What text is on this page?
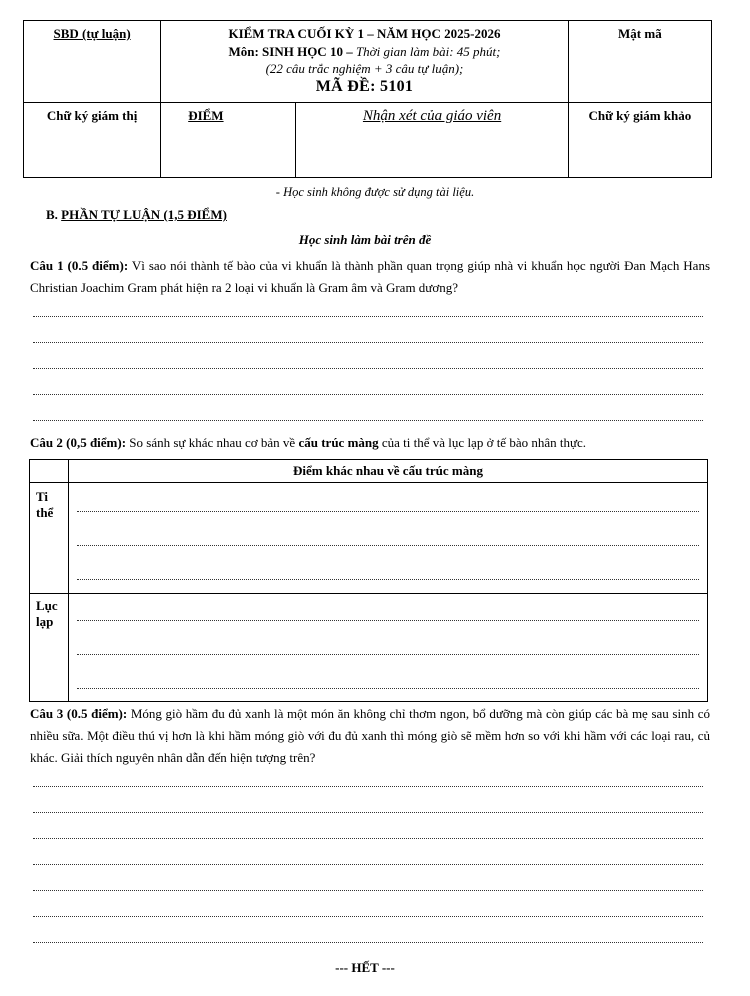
SBD (tự luận)	KIỂM TRA CUỐI KỲ 1 – NĂM HỌC 2025-2026
Môn: SINH HỌC 10 – Thời gian làm bài: 45 phút;
(22 câu trắc nghiệm + 3 câu tự luận);
MÃ ĐỀ: 5101		Mật mã
Chữ ký giám thị	ĐIỂM	Nhận xét của giáo viên	Chữ ký giám khảo
- Học sinh không được sử dụng tài liệu.
B. PHẦN TỰ LUẬN (1,5 ĐIỂM)
Học sinh làm bài trên đề
Câu 1 (0.5 điểm): Vì sao nói thành tế bào của vi khuẩn là thành phần quan trọng giúp nhà vi khuẩn học người Đan Mạch Hans Christian Joachim Gram phát hiện ra 2 loại vi khuẩn là Gram âm và Gram dương?
Câu 2 (0,5 điểm): So sánh sự khác nhau cơ bản về cấu trúc màng của ti thể và lục lạp ở tế bào nhân thực.
Điểm khác nhau về cấu trúc màng
Ti thể
Lục lạp
Câu 3 (0.5 điểm): Móng giò hầm đu đủ xanh là một món ăn không chỉ thơm ngon, bổ dưỡng mà còn giúp các bà mẹ sau sinh có nhiều sữa. Một điều thú vị hơn là khi hầm móng giò với đu đủ xanh thì móng giò sẽ mềm hơn so với khi hầm với các loại rau, củ khác. Giải thích nguyên nhân dẫn đến hiện tượng trên?
--- HẾT ---
